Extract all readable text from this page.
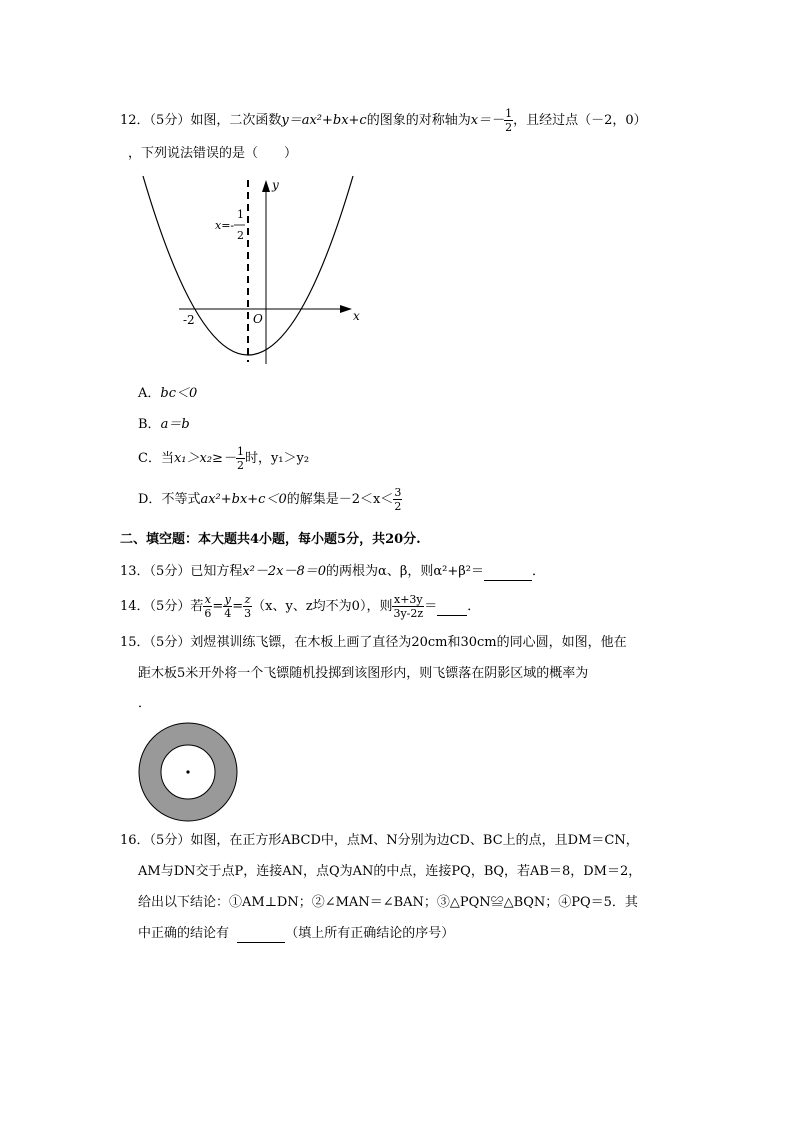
12．（5分）如图，二次函数y＝ax²+bx+c的图象的对称轴为$x=- \frac{1}{2}$ ，且经过点（－2，0）
，下列说法错误的是（　　）
y
x
O
-2
x=-
1
2
A．bc＜0
B．a＝b
C．当$x_1>x_2\ge- \frac{1}{2}$ 时，y₁＞y₂
D．不等式ax²+bx+c＜0的解集是$-2<x< \frac{3}{2}$
二、填空题：本大题共4小题，每小题5分，共20分.
13．（5分）已知方程x²－2x－8＝0的两根为α、β，则α²+β²＝	．
14．（5分）若 $\frac{x}{6} = \frac{y}{4} = \frac{z}{3} (x$、y、z均不为0），则 $\frac{x+3y}{3y-2z}$ ＝ ．
15．（5分）刘煜祺训练飞镖，在木板上画了直径为20cm和30cm的同心圆，如图，他在
距木板5米开外将一个飞镖随机投掷到该图形内，则飞镖落在阴影区域的概率为
．
16．（5分）如图，在正方形ABCD中，点M、N分别为边CD、BC上的点，且DM＝CN，
AM与DN交于点P，连接AN，点Q为AN的中点，连接PQ，BQ，若AB＝8，DM＝2，
给出以下结论：①AM⊥DN；②∠MAN＝∠BAN；③△PQN≌△BQN；④PQ＝5．其
中正确的结论有	（填上所有正确结论的序号）
